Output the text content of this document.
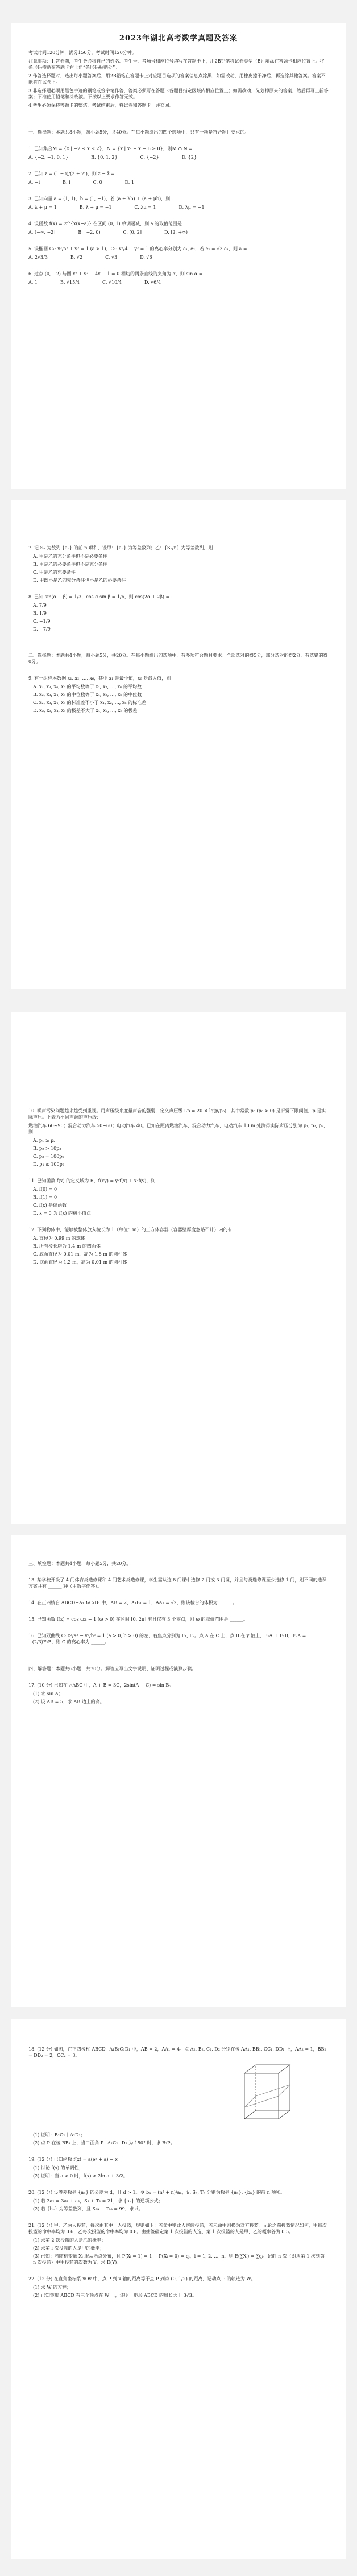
2023年湖北高考数学真题及答案
考试时间120分钟，满分150分，考试时间120分钟。
注意事项：1.答卷前，考生务必将自己的姓名、考生号、考场号和座位号填写在答题卡上，用2B铅笔将试卷类型（B）填涂在答题卡相应位置上。将条形码横贴在答题卡右上角“条形码粘贴处”。
2.作答选择题时，选出每小题答案后，用2B铅笔在答题卡上对应题目选项的答案信息点涂黑；如需改动，用橡皮擦干净后，再选涂其他答案。答案不能答在试卷上。
3.非选择题必须用黑色字迹的钢笔或签字笔作答，答案必须写在答题卡各题目指定区域内相应位置上；如需改动，先划掉原来的答案，然后再写上新答案；不准使用铅笔和涂改液。不按以上要求作答无效。
4.考生必须保持答题卡的整洁。考试结束后，将试卷和答题卡一并交回。
一、选择题：本题共8小题，每小题5分，共40分。在每小题给出的四个选项中，只有一项是符合题目要求的。
1. 已知集合M = {x | −2 ≤ x ≤ 2}，N = {x | x² − x − 6 ≥ 0}，则M ∩ N =
A. {−2, −1, 0, 1}	B. {0, 1, 2}	C. {−2}	D. {2}
2. 已知 z = (1 − i)/(2 + 2i)，则 z − z̄ =
A. −i	B. i	C. 0	D. 1
3. 已知向量 a = (1, 1)，b = (1, −1)，若 (a + λb) ⊥ (a + μb)，则
A. λ + μ = 1	B. λ + μ = −1	C. λμ = 1	D. λμ = −1
4. 设函数 f(x) = 2^{x(x−a)} 在区间 (0, 1) 单调递减，则 a 的取值范围是
A. (−∞, −2]	B. [−2, 0)	C. (0, 2]	D. [2, +∞)
5. 设椭圆 C₁: x²/a² + y² = 1 (a > 1)，C₂: x²/4 + y² = 1 的离心率分别为 e₁, e₂，若 e₂ = √3 e₁，则 a =
A. 2√3/3	B. √2	C. √3	D. √6
6. 过点 (0, −2) 与圆 x² + y² − 4x − 1 = 0 相切的两条直线的夹角为 α，则 sin α =
A. 1	B. √15/4	C. √10/4	D. √6/4
7. 记 Sₙ 为数列 {aₙ} 的前 n 项和，设甲：{aₙ} 为等差数列；乙：{Sₙ/n} 为等差数列，则
A. 甲是乙的充分条件但不是必要条件
B. 甲是乙的必要条件但不是充分条件
C. 甲是乙的充要条件
D. 甲既不是乙的充分条件也不是乙的必要条件
8. 已知 sin(α − β) = 1/3，cos α sin β = 1/6，则 cos(2α + 2β) =
A. 7/9
B. 1/9
C. −1/9
D. −7/9
二、选择题：本题共4小题，每小题5分，共20分。在每小题给出的选项中，有多项符合题目要求。全部选对的得5分，部分选对的得2分，有选错的得0分。
9. 有一组样本数据 x₁, x₂, …, x₆，其中 x₁ 是最小值，x₆ 是最大值，则
A. x₂, x₃, x₄, x₅ 的平均数等于 x₁, x₂, …, x₆ 的平均数
B. x₂, x₃, x₄, x₅ 的中位数等于 x₁, x₂, …, x₆ 的中位数
C. x₂, x₃, x₄, x₅ 的标准差不小于 x₁, x₂, …, x₆ 的标准差
D. x₂, x₃, x₄, x₅ 的极差不大于 x₁, x₂, …, x₆ 的极差
10. 噪声污染问题越来越受到重视。用声压级来度量声音的强弱，定义声压级 Lp = 20 × lg(p/p₀)，其中常数 p₀ (p₀ > 0) 是听觉下限阈值，p 是实际声压。下表为不同声源的声压级：
燃油汽车 60~90；混合动力汽车 50~60；电动汽车 40。已知在距离燃油汽车、混合动力汽车、电动汽车 10 m 处测得实际声压分别为 p₁, p₂, p₃，则
A. p₁ ≥ p₂
B. p₂ > 10p₃
C. p₃ = 100p₀
D. p₁ ≤ 100p₂
11. 已知函数 f(x) 的定义域为 R，f(xy) = y²f(x) + x²f(y)，则
A. f(0) = 0
B. f(1) = 0
C. f(x) 是偶函数
D. x = 0 为 f(x) 的极小值点
12. 下列物体中，能够被整体放入棱长为 1（单位：m）的正方体容器（容器壁厚度忽略不计）内的有
A. 直径为 0.99 m 的球体
B. 所有棱长均为 1.4 m 的四面体
C. 底面直径为 0.01 m，高为 1.8 m 的圆柱体
D. 底面直径为 1.2 m，高为 0.01 m 的圆柱体
三、填空题：本题共4小题，每小题5分，共20分。
13. 某学校开设了 4 门体育类选修课和 4 门艺术类选修课，学生需从这 8 门课中选修 2 门或 3 门课，并且每类选修课至少选修 1 门，则不同的选课方案共有 ______ 种（用数字作答）。
14. 在正四棱台 ABCD−A₁B₁C₁D₁ 中，AB = 2，A₁B₁ = 1，AA₁ = √2，则该棱台的体积为 ______。
15. 已知函数 f(x) = cos ωx − 1 (ω > 0) 在区间 [0, 2π] 有且仅有 3 个零点，则 ω 的取值范围是 ______。
16. 已知双曲线 C: x²/a² − y²/b² = 1 (a > 0, b > 0) 的左、右焦点分别为 F₁, F₂。点 A 在 C 上，点 B 在 y 轴上，F₁A ⊥ F₁B，F₂A = −(2/3)F₂B，则 C 的离心率为 ______。
四、解答题：本题共6小题，共70分。解答应写出文字说明、证明过程或演算步骤。
17. (10 分) 已知在 △ABC 中，A + B = 3C，2sin(A − C) = sin B。
(1) 求 sin A；
(2) 设 AB = 5，求 AB 边上的高。
18. (12 分) 如图，在正四棱柱 ABCD−A₁B₁C₁D₁ 中，AB = 2，AA₁ = 4。点 A₂, B₂, C₂, D₂ 分别在棱 AA₁, BB₁, CC₁, DD₁ 上，AA₂ = 1，BB₂ = DD₂ = 2，CC₂ = 3。
(1) 证明：B₂C₂ ∥ A₂D₂；
(2) 点 P 在棱 BB₁ 上，当二面角 P−A₂C₂−D₂ 为 150° 时，求 B₂P。
19. (12 分) 已知函数 f(x) = a(eˣ + a) − x。
(1) 讨论 f(x) 的单调性；
(2) 证明：当 a > 0 时，f(x) > 2ln a + 3/2。
20. (12 分) 设等差数列 {aₙ} 的公差为 d，且 d > 1。令 bₙ = (n² + n)/aₙ，记 Sₙ, Tₙ 分别为数列 {aₙ}, {bₙ} 的前 n 项和。
(1) 若 3a₂ = 3a₁ + a₃，S₃ + T₃ = 21，求 {aₙ} 的通项公式；
(2) 若 {bₙ} 为等差数列，且 S₉₉ − T₉₉ = 99，求 d。
21. (12 分) 甲、乙两人投篮，每次由其中一人投篮，规则如下：若命中则此人继续投篮，若未命中则换为对方投篮。无论之前投篮情况如何，甲每次投篮的命中率均为 0.6，乙每次投篮的命中率均为 0.8。由抽签确定第 1 次投篮的人选，第 1 次投篮的人是甲、乙的概率各为 0.5。
(1) 求第 2 次投篮的人是乙的概率；
(2) 求第 i 次投篮的人是甲的概率；
(3) 已知：若随机变量 Xᵢ 服从两点分布，且 P(Xᵢ = 1) = 1 − P(Xᵢ = 0) = qᵢ，i = 1, 2, …, n，则 E(∑Xᵢ) = ∑qᵢ。记前 n 次（即从第 1 次到第 n 次投篮）中甲投篮的次数为 Y，求 E(Y)。
22. (12 分) 在直角坐标系 xOy 中，点 P 到 x 轴的距离等于点 P 到点 (0, 1/2) 的距离，记动点 P 的轨迹为 W。
(1) 求 W 的方程；
(2) 已知矩形 ABCD 有三个顶点在 W 上，证明：矩形 ABCD 的周长大于 3√3。
